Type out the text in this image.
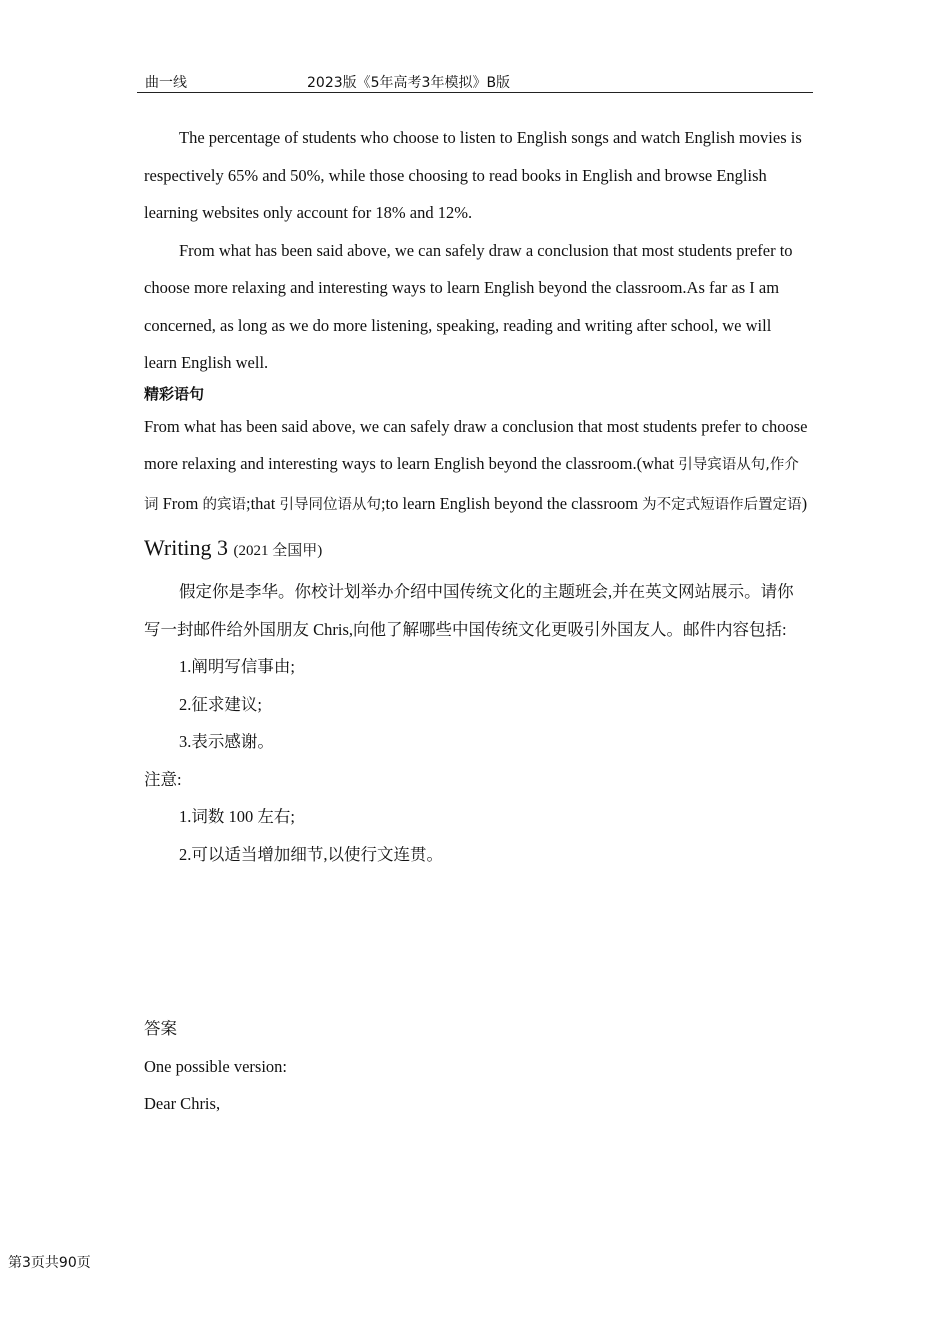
曲一线	2023版《5年高考3年模拟》B版

The percentage of students who choose to listen to English songs and watch English movies is respectively 65% and 50%, while those choosing to read books in English and browse English learning websites only account for 18% and 12%.

From what has been said above, we can safely draw a conclusion that most students prefer to choose more relaxing and interesting ways to learn English beyond the classroom.As far as I am concerned, as long as we do more listening, speaking, reading and writing after school, we will learn English well.

精彩语句

From what has been said above, we can safely draw a conclusion that most students prefer to choose more relaxing and interesting ways to learn English beyond the classroom.(what 引导宾语从句,作介词 From 的宾语;that 引导同位语从句;to learn English beyond the classroom 为不定式短语作后置定语)

Writing 3 (2021 全国甲)

假定你是李华。你校计划举办介绍中国传统文化的主题班会,并在英文网站展示。请你写一封邮件给外国朋友 Chris,向他了解哪些中国传统文化更吸引外国友人。邮件内容包括:

1.阐明写信事由;

2.征求建议;

3.表示感谢。

注意:

1.词数 100 左右;

2.可以适当增加细节,以使行文连贯。

答案

One possible version:

Dear Chris,

第3页共90页
